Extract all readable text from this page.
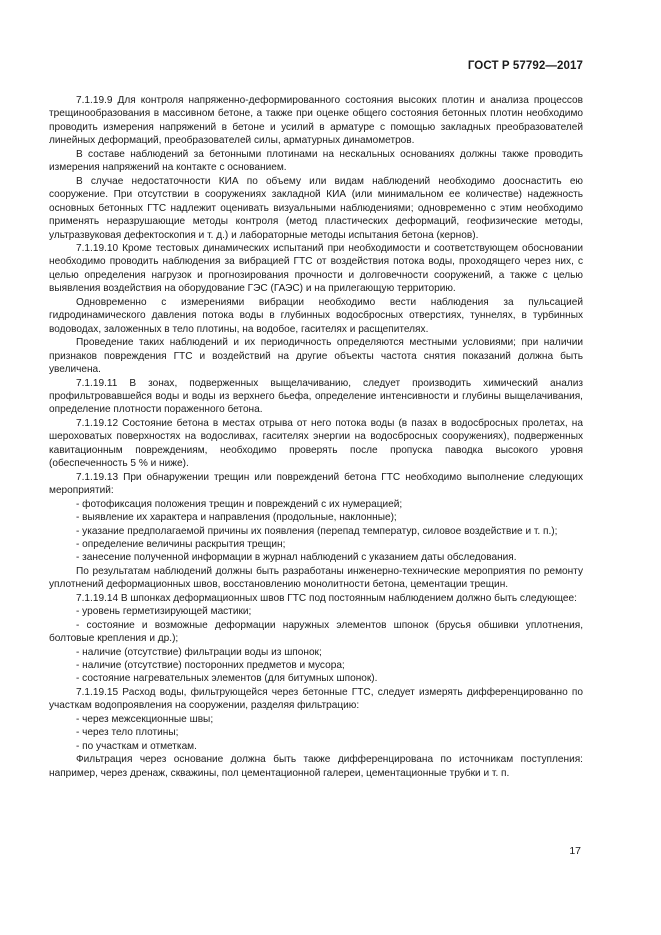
ГОСТ Р 57792—2017

7.1.19.9 Для контроля напряженно-деформированного состояния высоких плотин и анализа процессов трещинообразования в массивном бетоне, а также при оценке общего состояния бетонных плотин необходимо проводить измерения напряжений в бетоне и усилий в арматуре с помощью закладных преобразователей линейных деформаций, преобразователей силы, арматурных динамометров.

В составе наблюдений за бетонными плотинами на нескальных основаниях должны также проводить измерения напряжений на контакте с основанием.

В случае недостаточности КИА по объему или видам наблюдений необходимо дооснастить ею сооружение. При отсутствии в сооружениях закладной КИА (или минимальном ее количестве) надежность основных бетонных ГТС надлежит оценивать визуальными наблюдениями; одновременно с этим необходимо применять неразрушающие методы контроля (метод пластических деформаций, геофизические методы, ультразвуковая дефектоскопия и т. д.) и лабораторные методы испытания бетона (кернов).

7.1.19.10 Кроме тестовых динамических испытаний при необходимости и соответствующем обосновании необходимо проводить наблюдения за вибрацией ГТС от воздействия потока воды, проходящего через них, с целью определения нагрузок и прогнозирования прочности и долговечности сооружений, а также с целью выявления воздействия на оборудование ГЭС (ГАЭС) и на прилегающую территорию.

Одновременно с измерениями вибрации необходимо вести наблюдения за пульсацией гидродинамического давления потока воды в глубинных водосбросных отверстиях, туннелях, в турбинных водоводах, заложенных в тело плотины, на водобое, гасителях и расщепителях.

Проведение таких наблюдений и их периодичность определяются местными условиями; при наличии признаков повреждения ГТС и воздействий на другие объекты частота снятия показаний должна быть увеличена.

7.1.19.11 В зонах, подверженных выщелачиванию, следует производить химический анализ профильтровавшейся воды и воды из верхнего бьефа, определение интенсивности и глубины выщелачивания, определение плотности пораженного бетона.

7.1.19.12 Состояние бетона в местах отрыва от него потока воды (в пазах в водосбросных пролетах, на шероховатых поверхностях на водосливах, гасителях энергии на водосбросных сооружениях), подверженных кавитационным повреждениям, необходимо проверять после пропуска паводка высокого уровня (обеспеченность 5 % и ниже).

7.1.19.13 При обнаружении трещин или повреждений бетона ГТС необходимо выполнение следующих мероприятий:

- фотофиксация положения трещин и повреждений с их нумерацией;
- выявление их характера и направления (продольные, наклонные);
- указание предполагаемой причины их появления (перепад температур, силовое воздействие и т. п.);
- определение величины раскрытия трещин;
- занесение полученной информации в журнал наблюдений с указанием даты обследования.

По результатам наблюдений должны быть разработаны инженерно-технические мероприятия по ремонту уплотнений деформационных швов, восстановлению монолитности бетона, цементации трещин.

7.1.19.14 В шпонках деформационных швов ГТС под постоянным наблюдением должно быть следующее:

- уровень герметизирующей мастики;
- состояние и возможные деформации наружных элементов шпонок (брусья обшивки уплотнения, болтовые крепления и др.);
- наличие (отсутствие) фильтрации воды из шпонок;
- наличие (отсутствие) посторонних предметов и мусора;
- состояние нагревательных элементов (для битумных шпонок).

7.1.19.15 Расход воды, фильтрующейся через бетонные ГТС, следует измерять дифференцированно по участкам водопроявления на сооружении, разделяя фильтрацию:

- через межсекционные швы;
- через тело плотины;
- по участкам и отметкам.

Фильтрация через основание должна быть также дифференцирована по источникам поступления: например, через дренаж, скважины, пол цементационной галереи, цементационные трубки и т. п.

17
